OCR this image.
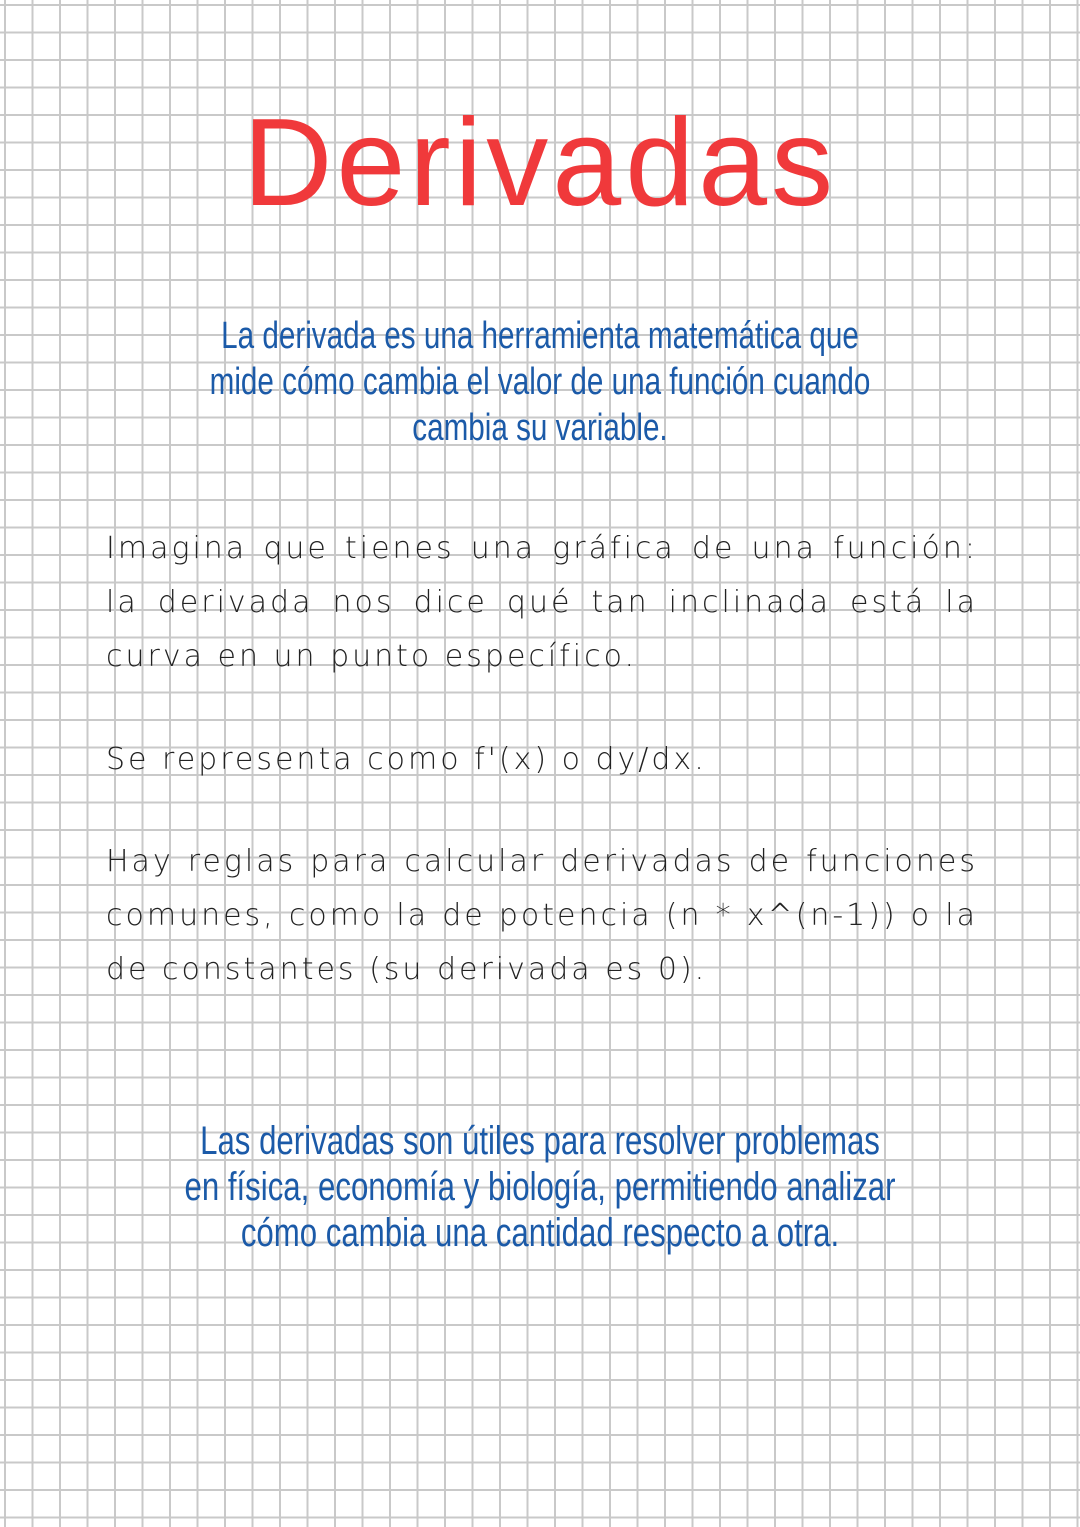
Derivadas

La derivada es una herramienta matemática que mide cómo cambia el valor de una función cuando cambia su variable.

Imagina que tienes una gráfica de una función: la derivada nos dice qué tan inclinada está la curva en un punto específico.

Se representa como f'(x) o dy/dx.

Hay reglas para calcular derivadas de funciones comunes, como la de potencia (n * x^(n-1)) o la de constantes (su derivada es 0).

Las derivadas son útiles para resolver problemas en física, economía y biología, permitiendo analizar cómo cambia una cantidad respecto a otra.
